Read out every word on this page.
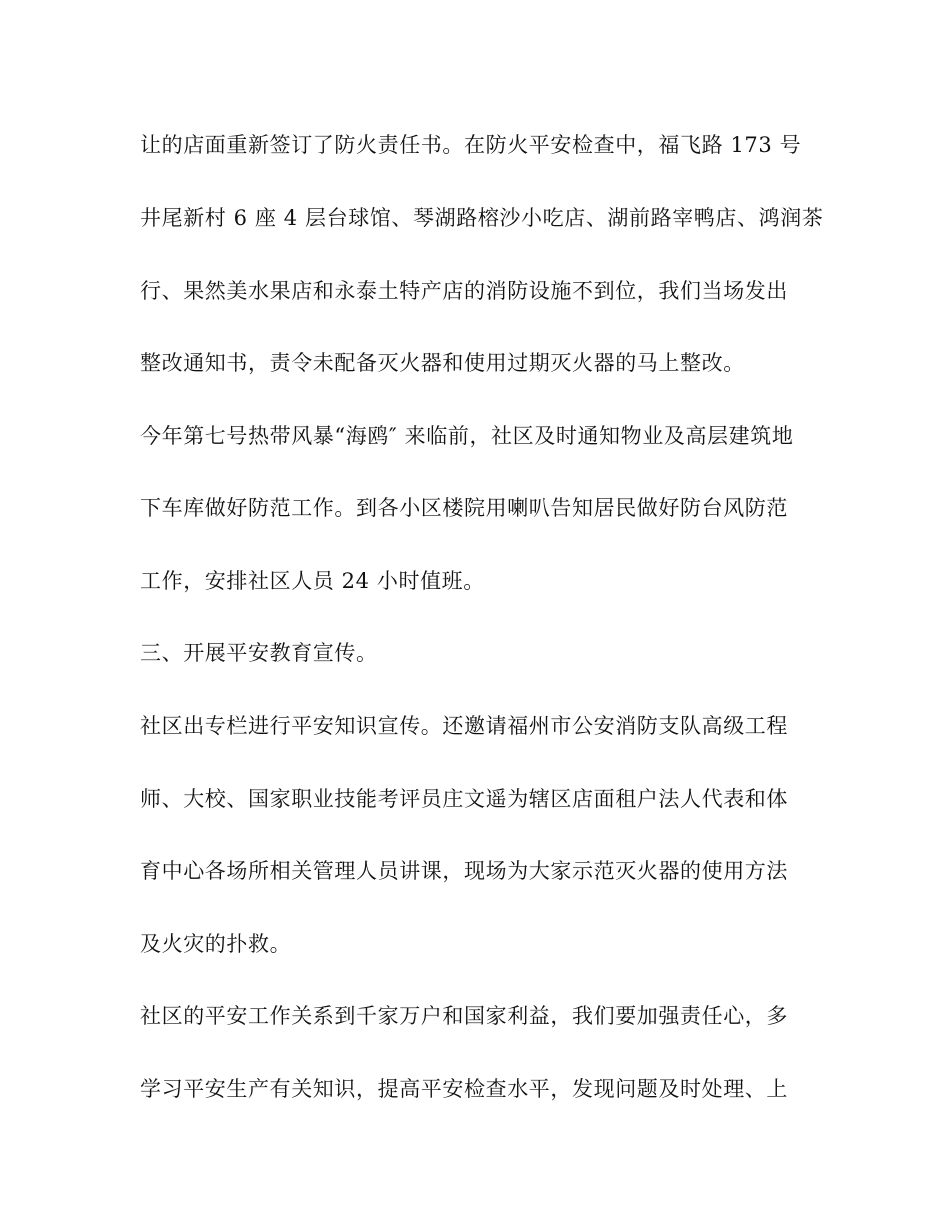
让的店面重新签订了防火责任书。在防火平安检查中，福飞路 173 号
井尾新村 6 座 4 层台球馆、琴湖路榕沙小吃店、湖前路宰鸭店、鸿润茶
行、果然美水果店和永泰土特产店的消防设施不到位，我们当场发出
整改通知书，责令未配备灭火器和使用过期灭火器的马上整改。
今年第七号热带风暴“海鸥″ 来临前，社区及时通知物业及高层建筑地
下车库做好防范工作。到各小区楼院用喇叭告知居民做好防台风防范
工作，安排社区人员 24 小时值班。
三、开展平安教育宣传。
社区出专栏进行平安知识宣传。还邀请福州市公安消防支队高级工程
师、大校、国家职业技能考评员庄文遥为辖区店面租户法人代表和体
育中心各场所相关管理人员讲课，现场为大家示范灭火器的使用方法
及火灾的扑救。
社区的平安工作关系到千家万户和国家利益，我们要加强责任心，多
学习平安生产有关知识，提高平安检查水平，发现问题及时处理、上
